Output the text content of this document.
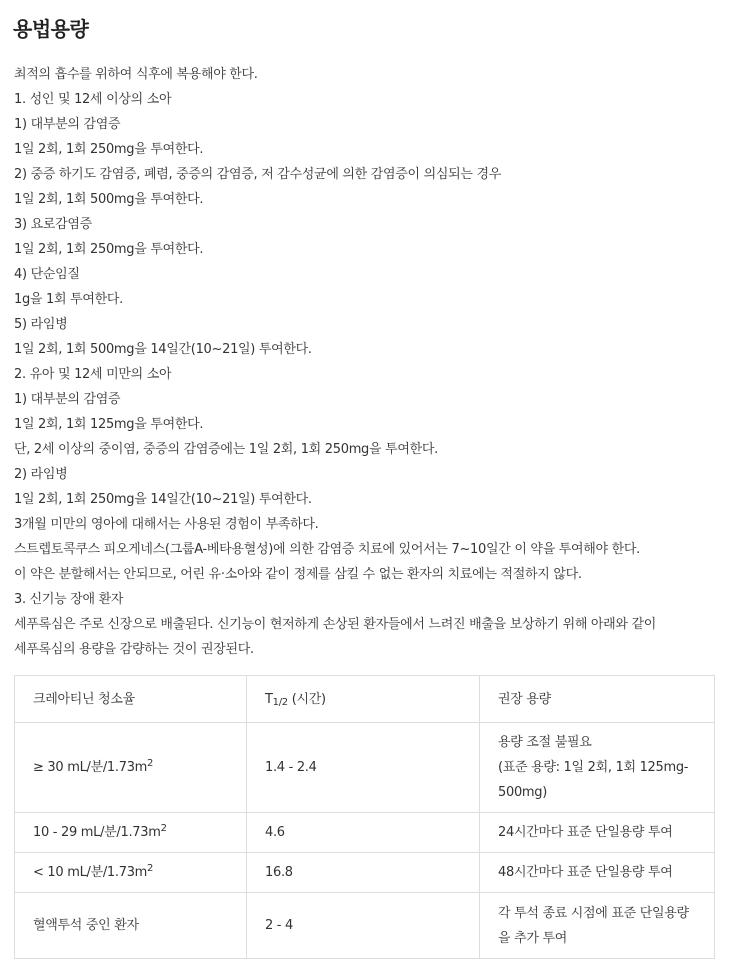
용법용량
최적의 흡수를 위하여 식후에 복용해야 한다.
1. 성인 및 12세 이상의 소아
1) 대부분의 감염증
1일 2회, 1회 250mg을 투여한다.
2) 중증 하기도 감염증, 폐렴, 중증의 감염증, 저 감수성균에 의한 감염증이 의심되는 경우
1일 2회, 1회 500mg을 투여한다.
3) 요로감염증
1일 2회, 1회 250mg을 투여한다.
4) 단순임질
1g을 1회 투여한다.
5) 라임병
1일 2회, 1회 500mg을 14일간(10~21일) 투여한다.
2. 유아 및 12세 미만의 소아
1) 대부분의 감염증
1일 2회, 1회 125mg을 투여한다.
단, 2세 이상의 중이염, 중증의 감염증에는 1일 2회, 1회 250mg을 투여한다.
2) 라임병
1일 2회, 1회 250mg을 14일간(10~21일) 투여한다.
3개월 미만의 영아에 대해서는 사용된 경험이 부족하다.
스트렙토콕쿠스 피오게네스(그룹A-베타용혈성)에 의한 감염증 치료에 있어서는 7~10일간 이 약을 투여해야 한다.
이 약은 분할해서는 안되므로, 어린 유·소아와 같이 정제를 삼킬 수 없는 환자의 치료에는 적절하지 않다.
3. 신기능 장애 환자
세푸록심은 주로 신장으로 배출된다. 신기능이 현저하게 손상된 환자들에서 느려진 배출을 보상하기 위해 아래와 같이
세푸록심의 용량을 감량하는 것이 권장된다.
크레아티닌 청소율	$T_{1/2}$ (시간)	권장 용량
≥ 30 mL/분$/1.73m^2$	1.4 - 2.4	용량 조절 불필요
(표준 용량: 1일 2회, 1회 125mg-
500mg)

10 - 29 mL/분$/1.73m^2$	4.6	24시간마다 표준 단일용량 투여

< 10 mL/분$/1.73m^2$	16.8	48시간마다 표준 단일용량 투여

혈액투석 중인 환자	2 - 4	각 투석 종료 시점에 표준 단일용량
을 추가 투여
